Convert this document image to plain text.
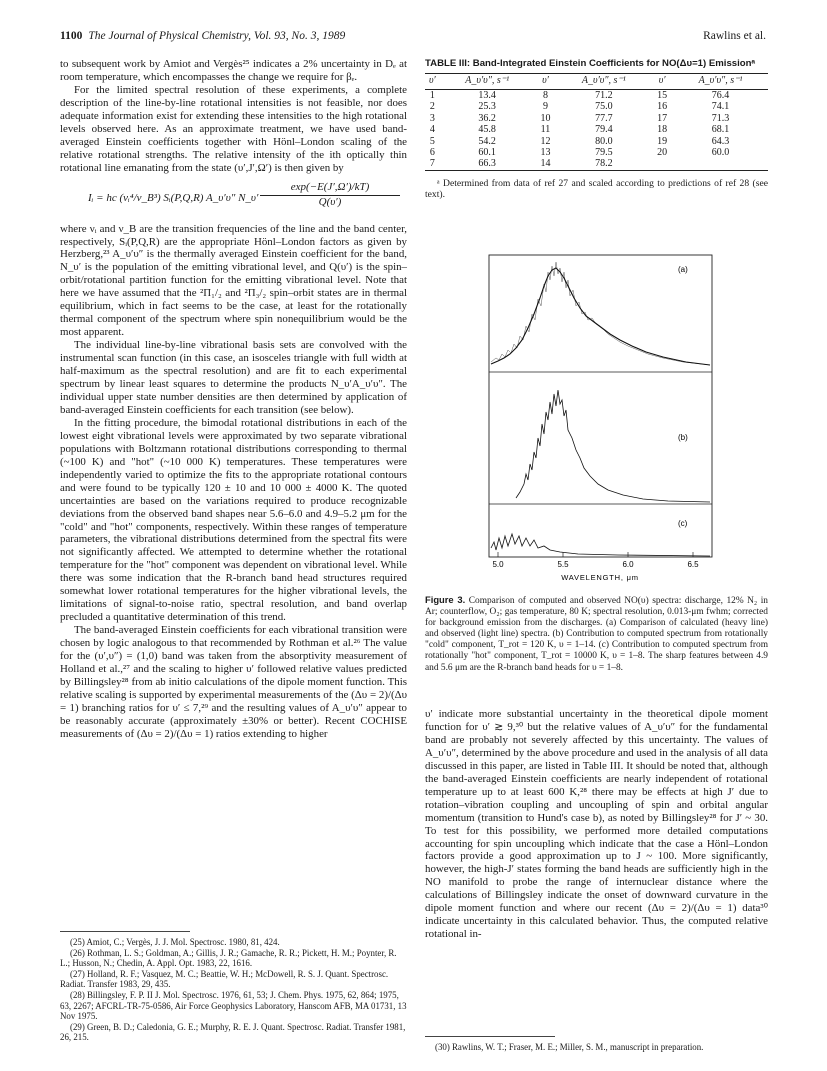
1100 The Journal of Physical Chemistry, Vol. 93, No. 3, 1989	Rawlins et al.

to subsequent work by Amiot and Vergès²⁵ indicates a 2% uncertainty in Dₑ at room temperature, which encompasses the change we require for βₑ.

For the limited spectral resolution of these experiments, a complete description of the line-by-line rotational intensities is not feasible, nor does adequate information exist for extending these intensities to the high rotational levels observed here. As an approximate treatment, we have used band-averaged Einstein coefficients together with Hönl–London scaling of the relative rotational strengths. The relative intensity of the ith optically thin rotational line emanating from the state (υ′,J′,Ω′) is then given by

Iᵢ = hc (νᵢ⁴/ν_B³) Sᵢ(P,Q,R) A_υ′υ″ N_υ′ $\frac{\exp(-E(J',\Omega')/kT)}{Q(\upsilon')}$

where νᵢ and ν_B are the transition frequencies of the line and the band center, respectively, Sᵢ(P,Q,R) are the appropriate Hönl–London factors as given by Herzberg,²³ A_υ′υ″ is the thermally averaged Einstein coefficient for the band, N_υ′ is the population of the emitting vibrational level, and Q(υ′) is the spin–orbit/rotational partition function for the emitting vibrational level. Note that here we have assumed that the ²Π₁/₂ and ²Π₃/₂ spin–orbit states are in thermal equilibrium, which in fact seems to be the case, at least for the rotationally thermal component of the spectrum where spin nonequilibrium would be the most apparent.

The individual line-by-line vibrational basis sets are convolved with the instrumental scan function (in this case, an isosceles triangle with full width at half-maximum as the spectral resolution) and are fit to each experimental spectrum by linear least squares to determine the products N_υ′A_υ′υ″. The individual upper state number densities are then determined by application of band-averaged Einstein coefficients for each transition (see below).

In the fitting procedure, the bimodal rotational distributions in each of the lowest eight vibrational levels were approximated by two separate vibrational populations with Boltzmann rotational distributions corresponding to thermal (~100 K) and "hot" (~10 000 K) temperatures. These temperatures were independently varied to optimize the fits to the appropriate rotational contours and were found to be typically 120 ± 10 and 10 000 ± 4000 K. The quoted uncertainties are based on the variations required to produce recognizable deviations from the observed band shapes near 5.6–6.0 and 4.9–5.2 μm for the "cold" and "hot" components, respectively. Within these ranges of temperature parameters, the vibrational distributions determined from the spectral fits were not significantly affected. We attempted to determine whether the rotational temperature for the "hot" component was dependent on vibrational level. While there was some indication that the R-branch band head structures required somewhat lower rotational temperatures for the higher vibrational levels, the limitations of signal-to-noise ratio, spectral resolution, and band overlap precluded a quantitative determination of this trend.

The band-averaged Einstein coefficients for each vibrational transition were chosen by logic analogous to that recommended by Rothman et al.²⁶ The value for the (υ′,υ″) = (1,0) band was taken from the absorptivity measurement of Holland et al.,²⁷ and the scaling to higher υ′ followed relative values predicted by Billingsley²⁸ from ab initio calculations of the dipole moment function. This relative scaling is supported by experimental measurements of the (Δυ = 2)/(Δυ = 1) branching ratios for υ′ ≤ 7,²⁹ and the resulting values of A_υ′υ″ appear to be reasonably accurate (approximately ±30% or better). Recent COCHISE measurements of (Δυ = 2)/(Δυ = 1) ratios extending to higher

(25) Amiot, C.; Vergès, J. J. Mol. Spectrosc. 1980, 81, 424.

(26) Rothman, L. S.; Goldman, A.; Gillis, J. R.; Gamache, R. R.; Pickett, H. M.; Poynter, R. L.; Husson, N.; Chedin, A. Appl. Opt. 1983, 22, 1616.

(27) Holland, R. F.; Vasquez, M. C.; Beattie, W. H.; McDowell, R. S. J. Quant. Spectrosc. Radiat. Transfer 1983, 29, 435.

(28) Billingsley, F. P. II J. Mol. Spectrosc. 1976, 61, 53; J. Chem. Phys. 1975, 62, 864; 1975, 63, 2267; AFCRL-TR-75-0586, Air Force Geophysics Laboratory, Hanscom AFB, MA 01731, 13 Nov 1975.

(29) Green, B. D.; Caledonia, G. E.; Murphy, R. E. J. Quant. Spectrosc. Radiat. Transfer 1981, 26, 215.

TABLE III: Band-Integrated Einstein Coefficients for NO(Δυ=1) Emissionᵃ
υ′	A_υ′υ″, s⁻¹	υ′	A_υ′υ″, s⁻¹	υ′	A_υ′υ″, s⁻¹
1	13.4	8	71.2	15	76.4
2	25.3	9	75.0	16	74.1
3	36.2	10	77.7	17	71.3
4	45.8	11	79.4	18	68.1
5	54.2	12	80.0	19	64.3
6	60.1	13	79.5	20	60.0
7	66.3	14	78.2		
ᵃ Determined from data of ref 27 and scaled according to predictions of ref 28 (see text).
(a)
(b)
(c)
5.0	5.5	6.0	6.5
WAVELENGTH, μm
Figure 3. Comparison of computed and observed NO(υ) spectra: discharge, 12% N₂ in Ar; counterflow, O₂; gas temperature, 80 K; spectral resolution, 0.013-μm fwhm; corrected for background emission from the discharges. (a) Comparison of calculated (heavy line) and observed (light line) spectra. (b) Contribution to computed spectrum from rotationally "cold" component, T_rot = 120 K, υ = 1–14. (c) Contribution to computed spectrum from rotationally "hot" component, T_rot = 10000 K, υ = 1–8. The sharp features between 4.9 and 5.6 μm are the R-branch band heads for υ = 1–8.

υ′ indicate more substantial uncertainty in the theoretical dipole moment function for υ′ ≳ 9,³⁰ but the relative values of A_υ′υ″ for the fundamental band are probably not severely affected by this uncertainty. The values of A_υ′υ″, determined by the above procedure and used in the analysis of all data discussed in this paper, are listed in Table III. It should be noted that, although the band-averaged Einstein coefficients are nearly independent of rotational temperature up to at least 600 K,²⁸ there may be effects at high J′ due to rotation–vibration coupling and uncoupling of spin and orbital angular momentum (transition to Hund's case b), as noted by Billingsley²⁸ for J′ ~ 30. To test for this possibility, we performed more detailed computations accounting for spin uncoupling which indicate that the case a Hönl–London factors provide a good approximation up to J ~ 100. More significantly, however, the high-J′ states forming the band heads are sufficiently high in the NO manifold to probe the range of internuclear distance where the calculations of Billingsley indicate the onset of downward curvature in the dipole moment function and where our recent (Δυ = 2)/(Δυ = 1) data³⁰ indicate uncertainty in this calculated behavior. Thus, the computed relative rotational in-

(30) Rawlins, W. T.; Fraser, M. E.; Miller, S. M., manuscript in preparation.
